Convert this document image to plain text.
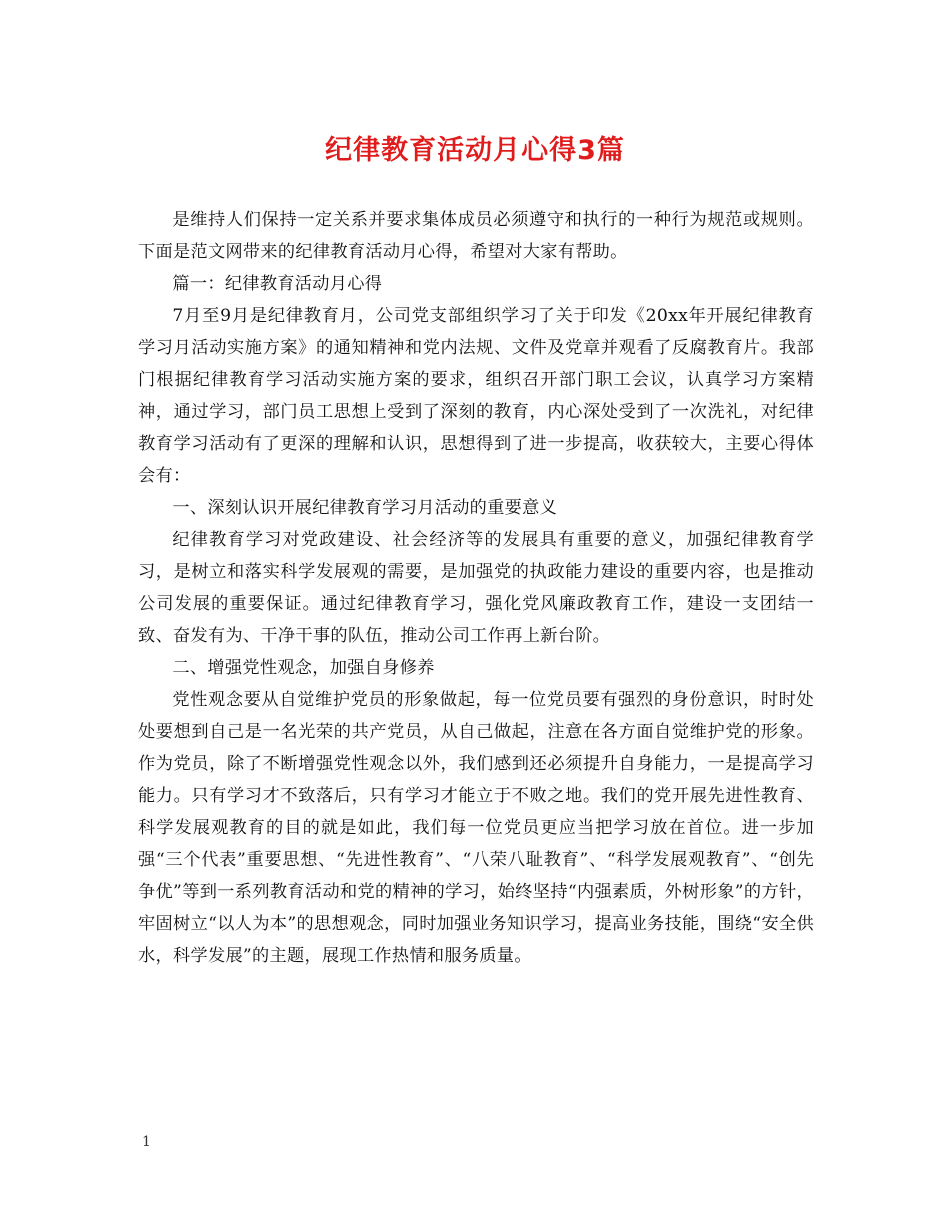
纪律教育活动月心得3篇

是维持人们保持一定关系并要求集体成员必须遵守和执行的一种行为规范或规则。下面是范文网带来的纪律教育活动月心得，希望对大家有帮助。

篇一：纪律教育活动月心得

7月至9月是纪律教育月，公司党支部组织学习了关于印发《20xx年开展纪律教育学习月活动实施方案》的通知精神和党内法规、文件及党章并观看了反腐教育片。我部门根据纪律教育学习活动实施方案的要求，组织召开部门职工会议，认真学习方案精神，通过学习，部门员工思想上受到了深刻的教育，内心深处受到了一次洗礼，对纪律教育学习活动有了更深的理解和认识，思想得到了进一步提高，收获较大，主要心得体会有：

一、深刻认识开展纪律教育学习月活动的重要意义

纪律教育学习对党政建设、社会经济等的发展具有重要的意义，加强纪律教育学习，是树立和落实科学发展观的需要，是加强党的执政能力建设的重要内容，也是推动公司发展的重要保证。通过纪律教育学习，强化党风廉政教育工作，建设一支团结一致、奋发有为、干净干事的队伍，推动公司工作再上新台阶。

二、增强党性观念，加强自身修养

党性观念要从自觉维护党员的形象做起，每一位党员要有强烈的身份意识，时时处处要想到自己是一名光荣的共产党员，从自己做起，注意在各方面自觉维护党的形象。作为党员，除了不断增强党性观念以外，我们感到还必须提升自身能力，一是提高学习能力。只有学习才不致落后，只有学习才能立于不败之地。我们的党开展先进性教育、科学发展观教育的目的就是如此，我们每一位党员更应当把学习放在首位。进一步加强“三个代表”重要思想、“先进性教育”、“八荣八耻教育”、“科学发展观教育”、“创先争优”等到一系列教育活动和党的精神的学习，始终坚持“内强素质，外树形象”的方针，牢固树立“以人为本”的思想观念，同时加强业务知识学习，提高业务技能，围绕“安全供水，科学发展”的主题，展现工作热情和服务质量。

1
